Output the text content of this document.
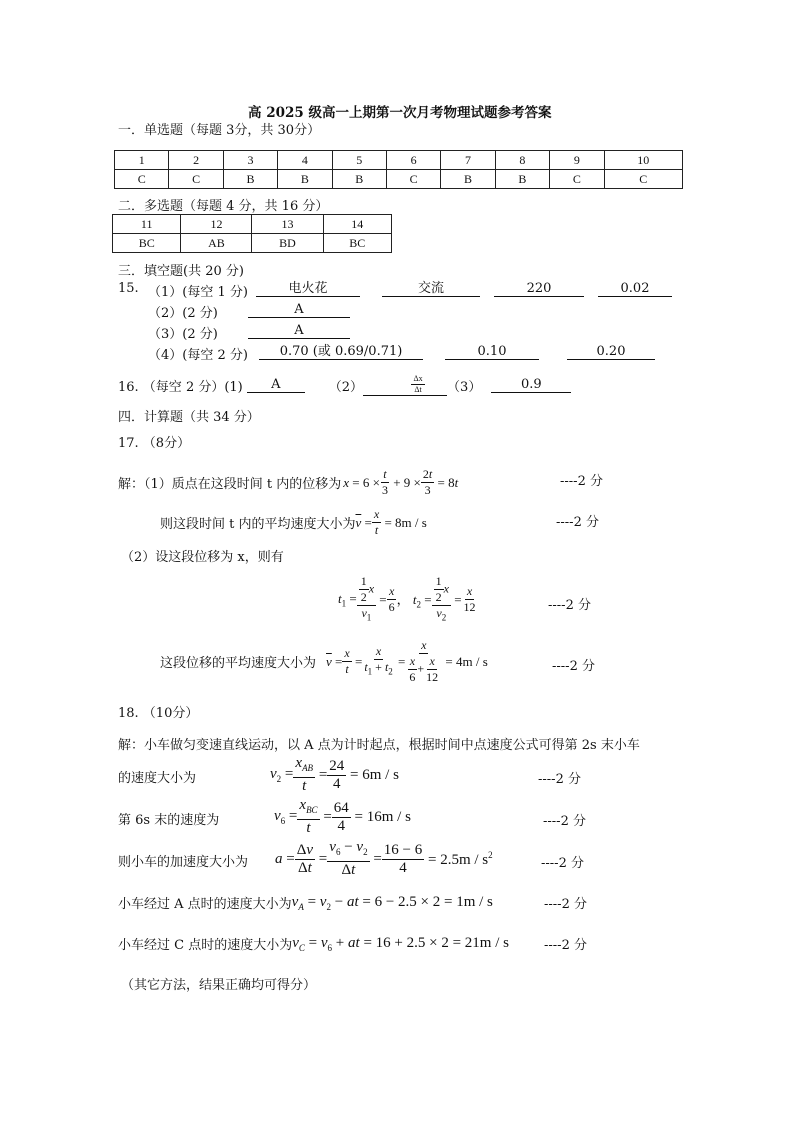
高 2025 级高一上期第一次月考物理试题参考答案
一．单选题（每题 3分，共 30分）
1	2	3	4	5	6	7	8	9	10
C	C	B	B	B	C	B	B	C	C
二．多选题（每题 4 分，共 16 分）
11	12	13	14
BC	AB	BD	BC
三．填空题(共 20 分)
15. （1）(每空 1 分)	电火花	交流	220	0.02
（2）(2 分)	A
（3）(2 分)	A
（4）(每空 2 分)	0.70 (或 0.69/0.71)	0.10	0.20
16. （每空 2 分）(1)	A	（2）	$\frac{\Delta x}{\Delta t} (3)$	0.9
四．计算题（共 34 分）
17. （8分）
解：（1）质点在这段时间 t 内的位移为 $x = 6 \times \frac{t}{3} + 9 \times \frac{2t}{3} = 8t$	----2 分
则这段时间 t 内的平均速度大小为 $\overline{v} = \frac{x}{t} = 8m / s$	----2 分
（2）设这段位移为 x，则有
$t_1 = \frac{\frac{1}{2} x}{v_1} = \frac{x}{6}$ ， $t_2 = \frac{\frac{1}{2} x}{v_2} = \frac{x}{12}$	----2 分
这段位移的平均速度大小为 $\overline{v} = \frac{x}{t} = \frac{x}{t_1 + t_2} = \frac{x}{\frac{x}{6} + \frac{x}{12}} = 4m / s$	----2 分
18. （10分）
解：小车做匀变速直线运动，以 A 点为计时起点，根据时间中点速度公式可得第 2s 末小车
的速度大小为	$v_2 = \frac{x_{AB}}{t} = \frac{24}{4} = 6m / s$	----2 分
第 6s 末的速度为	$v_6 = \frac{x_{BC}}{t} = \frac{64}{4} = 16m / s$	----2 分
则小车的加速度大小为 $a = \frac{\Delta v}{\Delta t} = \frac{v_6 - v_2}{\Delta t} = \frac{16 - 6}{4} = 2.5m / s^2$
----2 分
小车经过 A 点时的速度大小为 $v_A = v_2$ − at = 6 − 2.5 × 2 = 1m / s	----2 分
小车经过 C 点时的速度大小为 $v_C = v_6$ + at = 16 + 2.5 × 2 = 21m / s	----2 分
（其它方法，结果正确均可得分）
